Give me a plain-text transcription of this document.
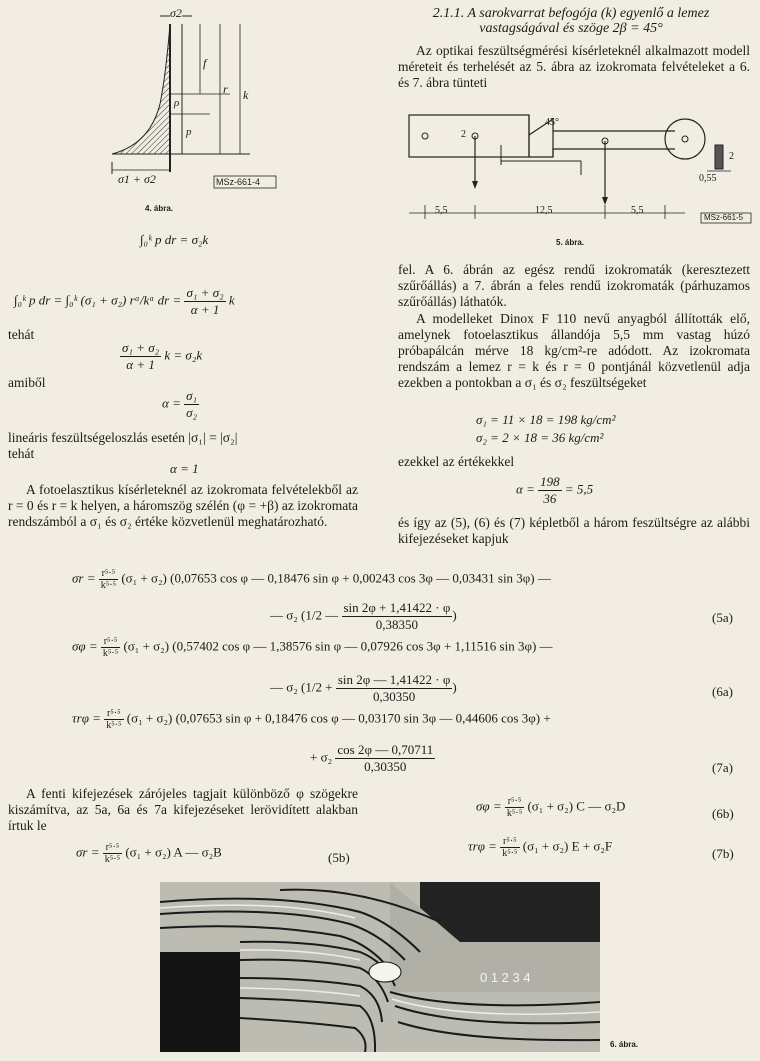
σ2
f
r k
ρ
p
σ1 + σ2	MSz-661-4
4. ábra.
∫₀ᵏ p dr = σ₂k
∫₀ᵏ p dr = ∫₀ᵏ (σ₁ + σ₂) rᵅ/kᵅ dr = $\frac{\text{σ₁ + σ₂}}{\alpha + 1}$ k
tehát
$\frac{\text{σ₁ + σ₂}}{\alpha + 1}$ k = σ₂k
amiből
$\alpha = \frac{\text{σ₁}}{\text{σ₂}}$
lineáris feszültségeloszlás esetén |σ₁| = |σ₂|
tehát
α = 1
A fotoelasztikus kísérleteknél az izokromata felvételekből az r = 0 és r = k helyen, a háromszög szélén (φ = +β) az izokromata rendszámból a σ₁ és σ₂ értéke közvetlenül meghatározható.
2.1.1. A sarokvarrat befogója (k) egyenlő a lemez vastagságával és szöge 2β = 45°
Az optikai feszültségmérési kísérleteknél alkalmazott modell méreteit és terhelését az 5. ábra az izokromata felvételeket a 6. és 7. ábra tünteti
45°
2
5,5	12,5	5,5
0,55
2
MSz-661-5
5. ábra.
fel. A 6. ábrán az egész rendű izokromaták (keresztezett szűrőállás) a 7. ábrán a feles rendű izokromaták (párhuzamos szűrőállás) láthatók.
A modelleket Dinox F 110 nevű anyagból állították elő, amelynek fotoelasztikus állandója 5,5 mm vastag húzó próbapálcán mérve 18 kg/cm²-re adódott. Az izokromata rendszám a lemez r = k és r = 0 pontjánál közvetlenül adja ezekben a pontokban a σ₁ és σ₂ feszültségeket
σ₁ = 11 × 18 = 198 kg/cm²
σ₂ = 2 × 18 = 36 kg/cm²
ezekkel az értékekkel
$\alpha = \frac{198}{36} = 5,5$
és így az (5), (6) és (7) képletből a három feszültségre az alábbi kifejezéseket kapjuk
$\sigma r = \frac{\text{r⁵·⁵}}{\text{k⁵·⁵}} (\sigma_1 + \sigma_2)$ (0,07653 cos φ — 0,18476 sin φ + 0,00243 cos 3φ — 0,03431 sin 3φ) —
— σ₂ (1/2 — $\frac{\sin 2\varphi + 1,41422 \cdot \varphi}{0,38350}$ )	(5a)
$\sigma\varphi = \frac{\text{r⁵·⁵}}{\text{k⁵·⁵}} (\sigma_1 + \sigma_2)$ (0,57402 cos φ — 1,38576 sin φ — 0,07926 cos 3φ + 1,11516 sin 3φ) —
— σ₂ ($1/2 + \frac{\sin 2\varphi — 1,41422 \cdot \varphi}{0,30350}$ )	(6a)
$\tau r\varphi = \frac{\text{r⁵·⁵}}{\text{k⁵·⁵}} (\sigma_1 + \sigma_2)$ (0,07653 sin φ + 0,18476 cos φ — 0,03170 sin 3φ — 0,44606 cos 3φ) +
+ $\sigma_2 \frac{\cos 2\varphi — 0,70711}{0,30350}$	(7a)
A fenti kifejezések zárójeles tagjait különböző φ szögekre kiszámítva, az 5a, 6a és 7a kifejezéseket lerövidített alakban írtuk le
$\sigma r = \frac{\text{r⁵·⁵}}{\text{k⁵·⁵}} (\sigma_1 + \sigma_2)$ A — σ₂B	(5b)
$\sigma\varphi = \frac{\text{r⁵·⁵}}{\text{k⁵·⁵}} (\sigma_1 + \sigma_2)$ C — σ₂D
(6b)
$\tau r\varphi = \frac{\text{r⁵·⁵}}{\text{k⁵·⁵}} (\sigma_1 + \sigma_2) E + \sigma_2F$
(7b)
0 1 2 3 4
6. ábra.
